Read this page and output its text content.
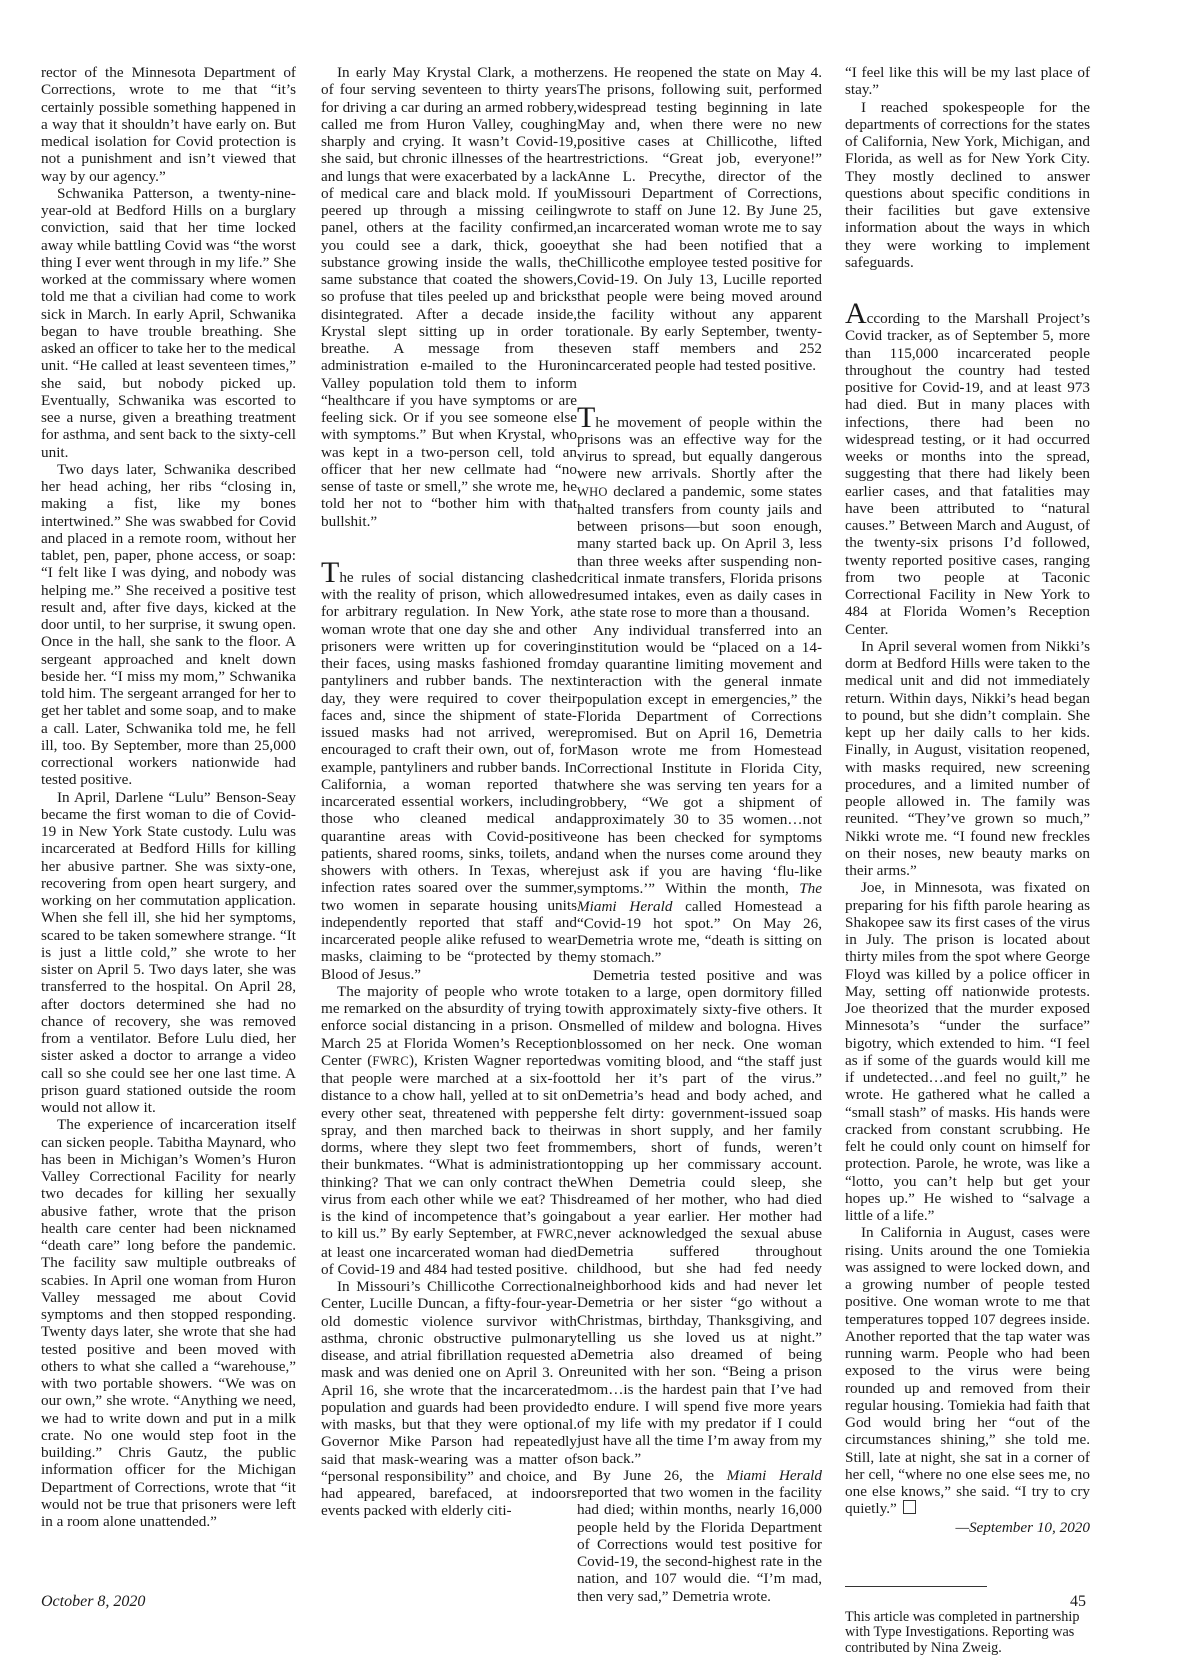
rector of the Minnesota Department of Corrections, wrote to me that “it’s certainly possible something happened in a way that it shouldn’t have early on. But medical isolation for Covid protection is not a punishment and isn’t viewed that way by our agency.”

Schwanika Patterson, a twenty-nine-year-old at Bedford Hills on a burglary conviction, said that her time locked away while battling Covid was “the worst thing I ever went through in my life.” She worked at the commissary where women told me that a civilian had come to work sick in March. In early April, Schwanika began to have trouble breathing. She asked an officer to take her to the medical unit. “He called at least seventeen times,” she said, but nobody picked up. Eventually, Schwanika was escorted to see a nurse, given a breathing treatment for asthma, and sent back to the sixty-cell unit.

Two days later, Schwanika described her head aching, her ribs “closing in, making a fist, like my bones intertwined.” She was swabbed for Covid and placed in a remote room, without her tablet, pen, paper, phone access, or soap: “I felt like I was dying, and nobody was helping me.” She received a positive test result and, after five days, kicked at the door until, to her surprise, it swung open. Once in the hall, she sank to the floor. A sergeant approached and knelt down beside her. “I miss my mom,” Schwanika told him. The sergeant arranged for her to get her tablet and some soap, and to make a call. Later, Schwanika told me, he fell ill, too. By September, more than 25,000 correctional workers nationwide had tested positive.

In April, Darlene “Lulu” Benson-Seay became the first woman to die of Covid-19 in New York State custody. Lulu was incarcerated at Bedford Hills for killing her abusive partner. She was sixty-one, recovering from open heart surgery, and working on her commutation application. When she fell ill, she hid her symptoms, scared to be taken somewhere strange. “It is just a little cold,” she wrote to her sister on April 5. Two days later, she was transferred to the hospital. On April 28, after doctors determined she had no chance of recovery, she was removed from a ventilator. Before Lulu died, her sister asked a doctor to arrange a video call so she could see her one last time. A prison guard stationed outside the room would not allow it.

The experience of incarceration itself can sicken people. Tabitha Maynard, who has been in Michigan’s Women’s Huron Valley Correctional Facility for nearly two decades for killing her sexually abusive father, wrote that the prison health care center had been nicknamed “death care” long before the pandemic. The facility saw multiple outbreaks of scabies. In April one woman from Huron Valley messaged me about Covid symptoms and then stopped responding. Twenty days later, she wrote that she had tested positive and been moved with others to what she called a “warehouse,” with two portable showers. “We was on our own,” she wrote. “Anything we need, we had to write down and put in a milk crate. No one would step foot in the building.” Chris Gautz, the public information officer for the Michigan Department of Corrections, wrote that “it would not be true that prisoners were left in a room alone unattended.”

In early May Krystal Clark, a mother of four serving seventeen to thirty years for driving a car during an armed robbery, called me from Huron Valley, coughing sharply and crying. It wasn’t Covid-19, she said, but chronic illnesses of the heart and lungs that were exacerbated by a lack of medical care and black mold. If you peered up through a missing ceiling panel, others at the facility confirmed, you could see a dark, thick, gooey substance growing inside the walls, the same substance that coated the showers, so profuse that tiles peeled up and bricks disintegrated. After a decade inside, Krystal slept sitting up in order to breathe. A message from the administration e-mailed to the Huron Valley population told them to inform “healthcare if you have symptoms or are feeling sick. Or if you see someone else with symptoms.” But when Krystal, who was kept in a two-person cell, told an officer that her new cellmate had “no sense of taste or smell,” she wrote me, he told her not to “bother him with that bullshit.”

The rules of social distancing clashed with the reality of prison, which allowed for arbitrary regulation. In New York, a woman wrote that one day she and other prisoners were written up for covering their faces, using masks fashioned from pantyliners and rubber bands. The next day, they were required to cover their faces and, since the shipment of state-issued masks had not arrived, were encouraged to craft their own, out of, for example, pantyliners and rubber bands. In California, a woman reported that incarcerated essential workers, including those who cleaned medical and quarantine areas with Covid-positive patients, shared rooms, sinks, toilets, and showers with others. In Texas, where infection rates soared over the summer, two women in separate housing units independently reported that staff and incarcerated people alike refused to wear masks, claiming to be “protected by the Blood of Jesus.”

The majority of people who wrote to me remarked on the absurdity of trying to enforce social distancing in a prison. On March 25 at Florida Women’s Reception Center (FWRC), Kristen Wagner reported that people were marched at a six-foot distance to a chow hall, yelled at to sit on every other seat, threatened with pepper spray, and then marched back to their dorms, where they slept two feet from their bunkmates. “What is administration thinking? That we can only contract the virus from each other while we eat? This is the kind of incompetence that’s going to kill us.” By early September, at FWRC, at least one incarcerated woman had died of Covid-19 and 484 had tested positive.

In Missouri’s Chillicothe Correctional Center, Lucille Duncan, a fifty-four-year-old domestic violence survivor with asthma, chronic obstructive pulmonary disease, and atrial fibrillation requested a mask and was denied one on April 3. On April 16, she wrote that the incarcerated population and guards had been provided with masks, but that they were optional. Governor Mike Parson had repeatedly said that mask-wearing was a matter of “personal responsibility” and choice, and had appeared, barefaced, at indoors events packed with elderly citi-

zens. He reopened the state on May 4. The prisons, following suit, performed widespread testing beginning in late May and, when there were no new positive cases at Chillicothe, lifted restrictions. “Great job, everyone!” Anne L. Precythe, director of the Missouri Department of Corrections, wrote to staff on June 12. By June 25, an incarcerated woman wrote me to say that she had been notified that a Chillicothe employee tested positive for Covid-19. On July 13, Lucille reported that people were being moved around the facility without any apparent rationale. By early September, twenty-seven staff members and 252 incarcerated people had tested positive.

The movement of people within the prisons was an effective way for the virus to spread, but equally dangerous were new arrivals. Shortly after the WHO declared a pandemic, some states halted transfers from county jails and between prisons—but soon enough, many started back up. On April 3, less than three weeks after suspending non-critical inmate transfers, Florida prisons resumed intakes, even as daily cases in the state rose to more than a thousand.

Any individual transferred into an institution would be “placed on a 14-day quarantine limiting movement and interaction with the general inmate population except in emergencies,” the Florida Department of Corrections promised. But on April 16, Demetria Mason wrote me from Homestead Correctional Institute in Florida City, where she was serving ten years for a robbery, “We got a shipment of approximately 30 to 35 women…not one has been checked for symptoms and when the nurses come around they just ask if you are having ‘flu-like symptoms.’” Within the month, The Miami Herald called Homestead a “Covid-19 hot spot.” On May 26, Demetria wrote me, “death is sitting on my stomach.”

Demetria tested positive and was taken to a large, open dormitory filled with approximately sixty-five others. It smelled of mildew and bologna. Hives blossomed on her neck. One woman was vomiting blood, and “the staff just told her it’s part of the virus.” Demetria’s head and body ached, and she felt dirty: government-issued soap was in short supply, and her family members, short of funds, weren’t topping up her commissary account. When Demetria could sleep, she dreamed of her mother, who had died about a year earlier. Her mother had never acknowledged the sexual abuse Demetria suffered throughout childhood, but she had fed needy neighborhood kids and had never let Demetria or her sister “go without a Christmas, birthday, Thanksgiving, and telling us she loved us at night.” Demetria also dreamed of being reunited with her son. “Being a prison mom…is the hardest pain that I’ve had to endure. I will spend five more years of my life with my predator if I could just have all the time I’m away from my son back.”

By June 26, the Miami Herald reported that two women in the facility had died; within months, nearly 16,000 people held by the Florida Department of Corrections would test positive for Covid-19, the second-highest rate in the nation, and 107 would die. “I’m mad, then very sad,” Demetria wrote.

“I feel like this will be my last place of stay.”

I reached spokespeople for the departments of corrections for the states of California, New York, Michigan, and Florida, as well as for New York City. They mostly declined to answer questions about specific conditions in their facilities but gave extensive information about the ways in which they were working to implement safeguards.

According to the Marshall Project’s Covid tracker, as of September 5, more than 115,000 incarcerated people throughout the country had tested positive for Covid-19, and at least 973 had died. But in many places with infections, there had been no widespread testing, or it had occurred weeks or months into the spread, suggesting that there had likely been earlier cases, and that fatalities may have been attributed to “natural causes.” Between March and August, of the twenty-six prisons I’d followed, twenty reported positive cases, ranging from two people at Taconic Correctional Facility in New York to 484 at Florida Women’s Reception Center.

In April several women from Nikki’s dorm at Bedford Hills were taken to the medical unit and did not immediately return. Within days, Nikki’s head began to pound, but she didn’t complain. She kept up her daily calls to her kids. Finally, in August, visitation reopened, with masks required, new screening procedures, and a limited number of people allowed in. The family was reunited. “They’ve grown so much,” Nikki wrote me. “I found new freckles on their noses, new beauty marks on their arms.”

Joe, in Minnesota, was fixated on preparing for his fifth parole hearing as Shakopee saw its first cases of the virus in July. The prison is located about thirty miles from the spot where George Floyd was killed by a police officer in May, setting off nationwide protests. Joe theorized that the murder exposed Minnesota’s “under the surface” bigotry, which extended to him. “I feel as if some of the guards would kill me if undetected…and feel no guilt,” he wrote. He gathered what he called a “small stash” of masks. His hands were cracked from constant scrubbing. He felt he could only count on himself for protection. Parole, he wrote, was like a “lotto, you can’t help but get your hopes up.” He wished to “salvage a little of a life.”

In California in August, cases were rising. Units around the one Tomiekia was assigned to were locked down, and a growing number of people tested positive. One woman wrote to me that temperatures topped 107 degrees inside. Another reported that the tap water was running warm. People who had been exposed to the virus were being rounded up and removed from their regular housing. Tomiekia had faith that God would bring her “out of the circumstances shining,” she told me. Still, late at night, she sat in a corner of her cell, “where no one else sees me, no one else knows,” she said. “I try to cry quietly.”

—September 10, 2020
This article was completed in partnership with Type Investigations. Reporting was contributed by Nina Zweig.
October 8, 2020	45
